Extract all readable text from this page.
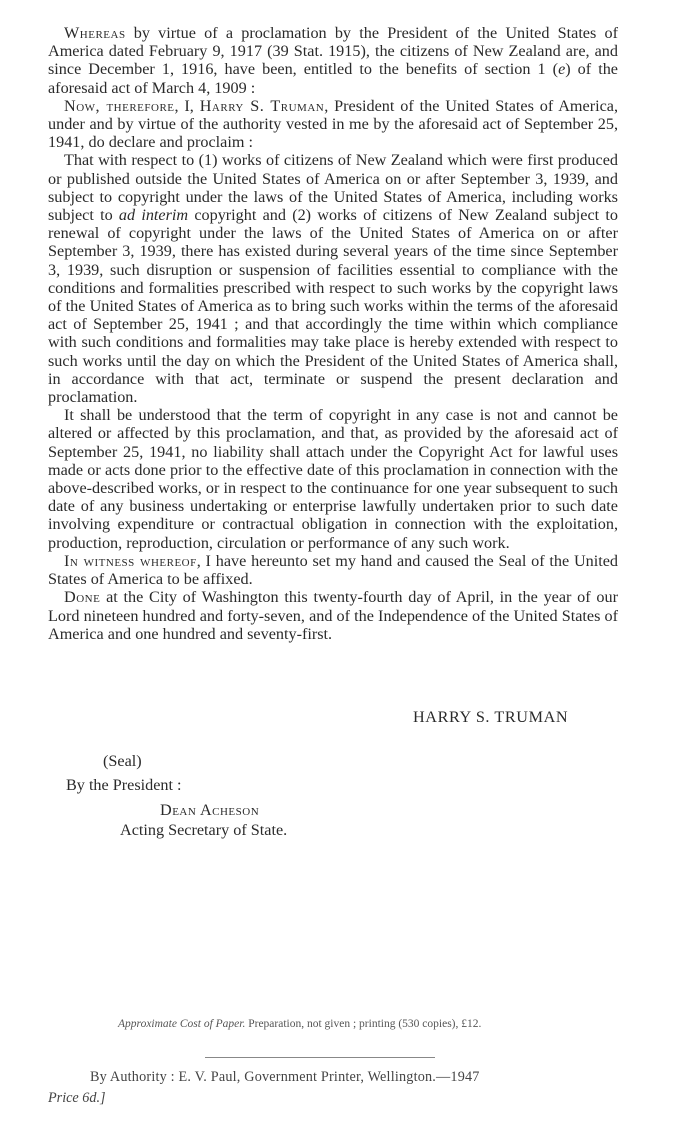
Whereas by virtue of a proclamation by the President of the United States of America dated February 9, 1917 (39 Stat. 1915), the citizens of New Zealand are, and since December 1, 1916, have been, entitled to the benefits of section 1 (e) of the aforesaid act of March 4, 1909 :

Now, therefore, I, Harry S. Truman, President of the United States of America, under and by virtue of the authority vested in me by the aforesaid act of September 25, 1941, do declare and proclaim :

That with respect to (1) works of citizens of New Zealand which were first produced or published outside the United States of America on or after September 3, 1939, and subject to copyright under the laws of the United States of America, including works subject to ad interim copyright and (2) works of citizens of New Zealand subject to renewal of copyright under the laws of the United States of America on or after September 3, 1939, there has existed during several years of the time since September 3, 1939, such disruption or suspension of facilities essential to compliance with the conditions and formalities prescribed with respect to such works by the copyright laws of the United States of America as to bring such works within the terms of the aforesaid act of September 25, 1941 ; and that accordingly the time within which compliance with such conditions and formalities may take place is hereby extended with respect to such works until the day on which the President of the United States of America shall, in accordance with that act, terminate or suspend the present declaration and proclamation.

It shall be understood that the term of copyright in any case is not and cannot be altered or affected by this proclamation, and that, as provided by the aforesaid act of September 25, 1941, no liability shall attach under the Copyright Act for lawful uses made or acts done prior to the effective date of this proclamation in connection with the above-described works, or in respect to the continuance for one year subsequent to such date of any business undertaking or enterprise lawfully undertaken prior to such date involving expenditure or contractual obligation in connection with the exploitation, production, reproduction, circulation or performance of any such work.

In witness whereof, I have hereunto set my hand and caused the Seal of the United States of America to be affixed.

Done at the City of Washington this twenty-fourth day of April, in the year of our Lord nineteen hundred and forty-seven, and of the Independence of the United States of America and one hundred and seventy-first.

HARRY S. TRUMAN
(Seal)
By the President :
Dean Acheson
Acting Secretary of State.
Approximate Cost of Paper. Preparation, not given ; printing (530 copies), £12.
By Authority : E. V. Paul, Government Printer, Wellington.—1947
Price 6d.]
